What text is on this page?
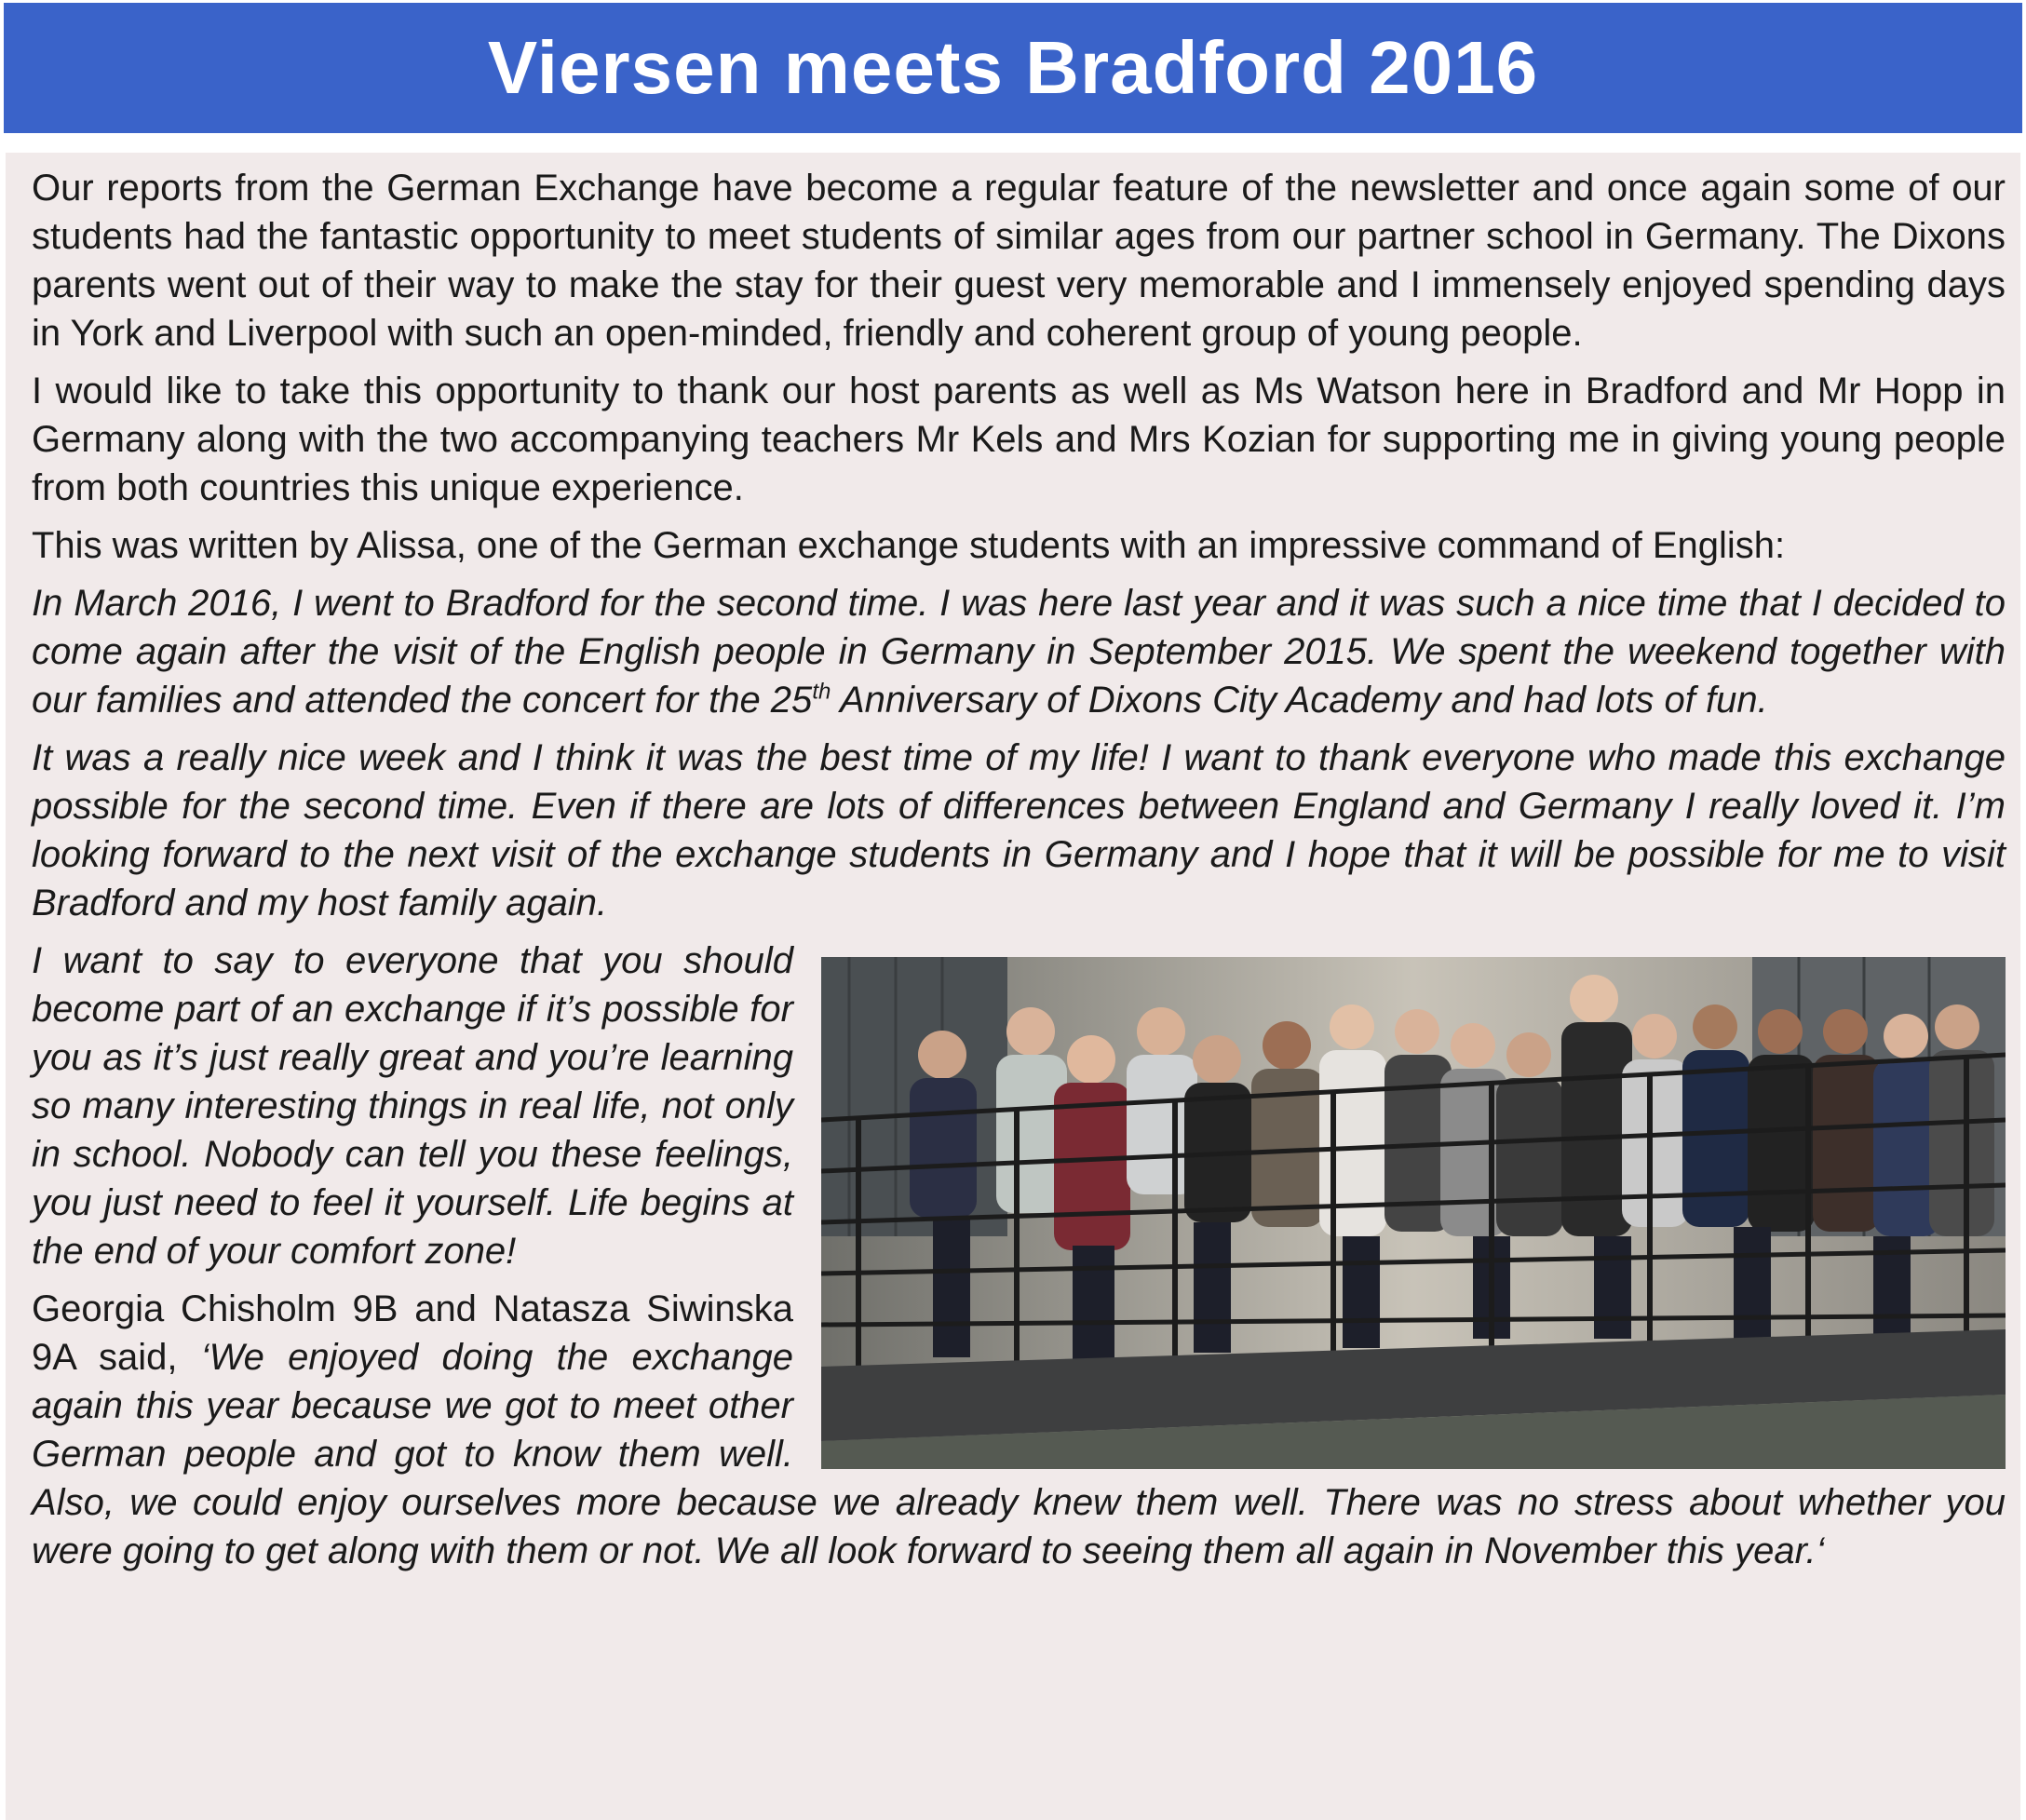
Viersen meets Bradford 2016

Our reports from the German Exchange have become a regular feature of the newsletter and once again some of our students had the fantastic opportunity to meet students of similar ages from our partner school in Germany. The Dixons parents went out of their way to make the stay for their guest very memorable and I immensely enjoyed spending days in York and Liverpool with such an open-minded, friendly and coherent group of young people.

I would like to take this opportunity to thank our host parents as well as Ms Watson here in Bradford and Mr Hopp in Germany along with the two accompanying teachers Mr Kels and Mrs Kozian for supporting me in giving young people from both countries this unique experience.

This was written by Alissa, one of the German exchange students with an impressive command of English:

In March 2016, I went to Bradford for the second time. I was here last year and it was such a nice time that I decided to come again after the visit of the English people in Germany in September 2015. We spent the weekend together with our families and attended the concert for the 25th Anniversary of Dixons City Academy and had lots of fun.

It was a really nice week and I think it was the best time of my life! I want to thank everyone who made this exchange possible for the second time. Even if there are lots of differences between England and Germany I really loved it. I’m looking forward to the next visit of the exchange students in Germany and I hope that it will be possible for me to visit Bradford and my host family again.

I want to say to everyone that you should become part of an exchange if it’s possible for you as it’s just really great and you’re learning so many interesting things in real life, not only in school. Nobody can tell you these feelings, you just need to feel it yourself. Life begins at the end of your comfort zone!

Georgia Chisholm 9B and Natasza Siwinska 9A said, ‘We enjoyed doing the exchange again this year because we got to meet other German people and got to know them well. Also, we could enjoy ourselves more because we already knew them well. There was no stress about whether you were going to get along with them or not. We all look forward to seeing them all again in November this year.‘
